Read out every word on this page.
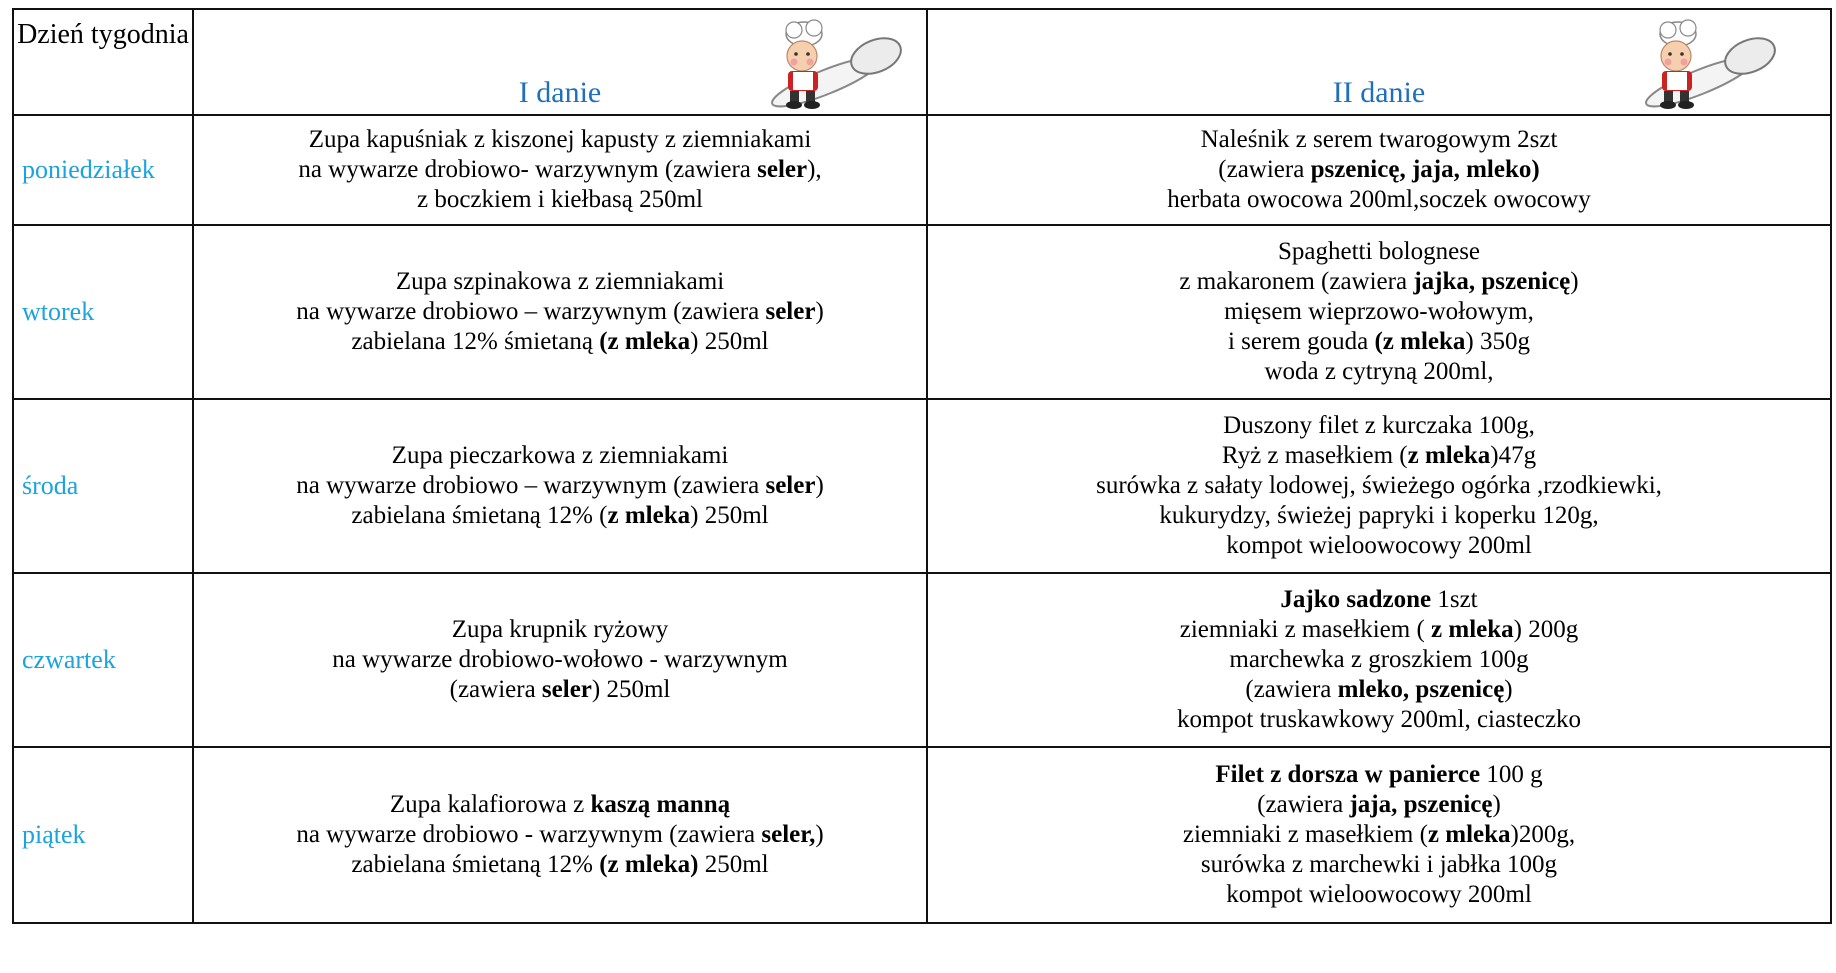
Dzień tygodnia	I danie	II danie

poniedziałek	Zupa kapuśniak z kiszonej kapusty z ziemniakami
na wywarze drobiowo- warzywnym (zawiera seler),
z boczkiem i kiełbasą 250ml	Naleśnik z serem twarogowym 2szt
(zawiera pszenicę, jaja, mleko)
herbata owocowa 200ml,soczek owocowy

wtorek	Zupa szpinakowa z ziemniakami
na wywarze drobiowo – warzywnym (zawiera seler)
zabielana 12% śmietaną (z mleka) 250ml	Spaghetti bolognese
z makaronem (zawiera jajka, pszenicę)
mięsem wieprzowo-wołowym,
i serem gouda (z mleka) 350g
woda z cytryną 200ml,

środa	Zupa pieczarkowa z ziemniakami
na wywarze drobiowo – warzywnym (zawiera seler)
zabielana śmietaną 12% (z mleka) 250ml	Duszony filet z kurczaka 100g,
Ryż z masełkiem (z mleka)47g
surówka z sałaty lodowej, świeżego ogórka ,rzodkiewki,
kukurydzy, świeżej papryki i koperku 120g,
kompot wieloowocowy 200ml

czwartek	Zupa krupnik ryżowy
na wywarze drobiowo-wołowo - warzywnym
(zawiera seler) 250ml	Jajko sadzone 1szt
ziemniaki z masełkiem ( z mleka) 200g
marchewka z groszkiem 100g
(zawiera mleko, pszenicę)
kompot truskawkowy 200ml, ciasteczko

piątek	Zupa kalafiorowa z kaszą manną
na wywarze drobiowo - warzywnym (zawiera seler,)
zabielana śmietaną 12% (z mleka) 250ml	Filet z dorsza w panierce 100 g
(zawiera jaja, pszenicę)
ziemniaki z masełkiem (z mleka)200g,
surówka z marchewki i jabłka 100g
kompot wieloowocowy 200ml
